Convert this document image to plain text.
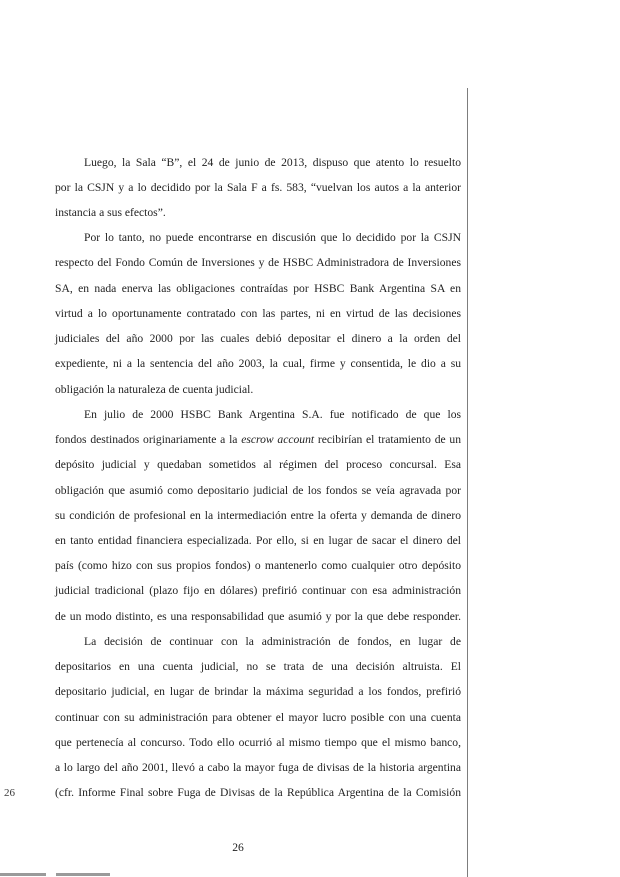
Luego, la Sala “B”, el 24 de junio de 2013, dispuso que atento lo resuelto
por la CSJN y a lo decidido por la Sala F a fs. 583, “vuelvan los autos a la anterior
instancia a sus efectos”.
Por lo tanto, no puede encontrarse en discusión que lo decidido por la CSJN
respecto del Fondo Común de Inversiones y de HSBC Administradora de Inversiones
SA, en nada enerva las obligaciones contraídas por HSBC Bank Argentina SA en
virtud a lo oportunamente contratado con las partes, ni en virtud de las decisiones
judiciales del año 2000 por las cuales debió depositar el dinero a la orden del
expediente, ni a la sentencia del año 2003, la cual, firme y consentida, le dio a su
obligación la naturaleza de cuenta judicial.
En julio de 2000 HSBC Bank Argentina S.A. fue notificado de que los
fondos destinados originariamente a la escrow account recibirían el tratamiento de un
depósito judicial y quedaban sometidos al régimen del proceso concursal. Esa
obligación que asumió como depositario judicial de los fondos se veía agravada por
su condición de profesional en la intermediación entre la oferta y demanda de dinero
en tanto entidad financiera especializada. Por ello, si en lugar de sacar el dinero del
país (como hizo con sus propios fondos) o mantenerlo como cualquier otro depósito
judicial tradicional (plazo fijo en dólares) prefirió continuar con esa administración
de un modo distinto, es una responsabilidad que asumió y por la que debe responder.
La decisión de continuar con la administración de fondos, en lugar de
depositarios en una cuenta judicial, no se trata de una decisión altruista. El
depositario judicial, en lugar de brindar la máxima seguridad a los fondos, prefirió
continuar con su administración para obtener el mayor lucro posible con una cuenta
que pertenecía al concurso. Todo ello ocurrió al mismo tiempo que el mismo banco,
a lo largo del año 2001, llevó a cabo la mayor fuga de divisas de la historia argentina
(cfr. Informe Final sobre Fuga de Divisas de la República Argentina de la Comisión
26
26
